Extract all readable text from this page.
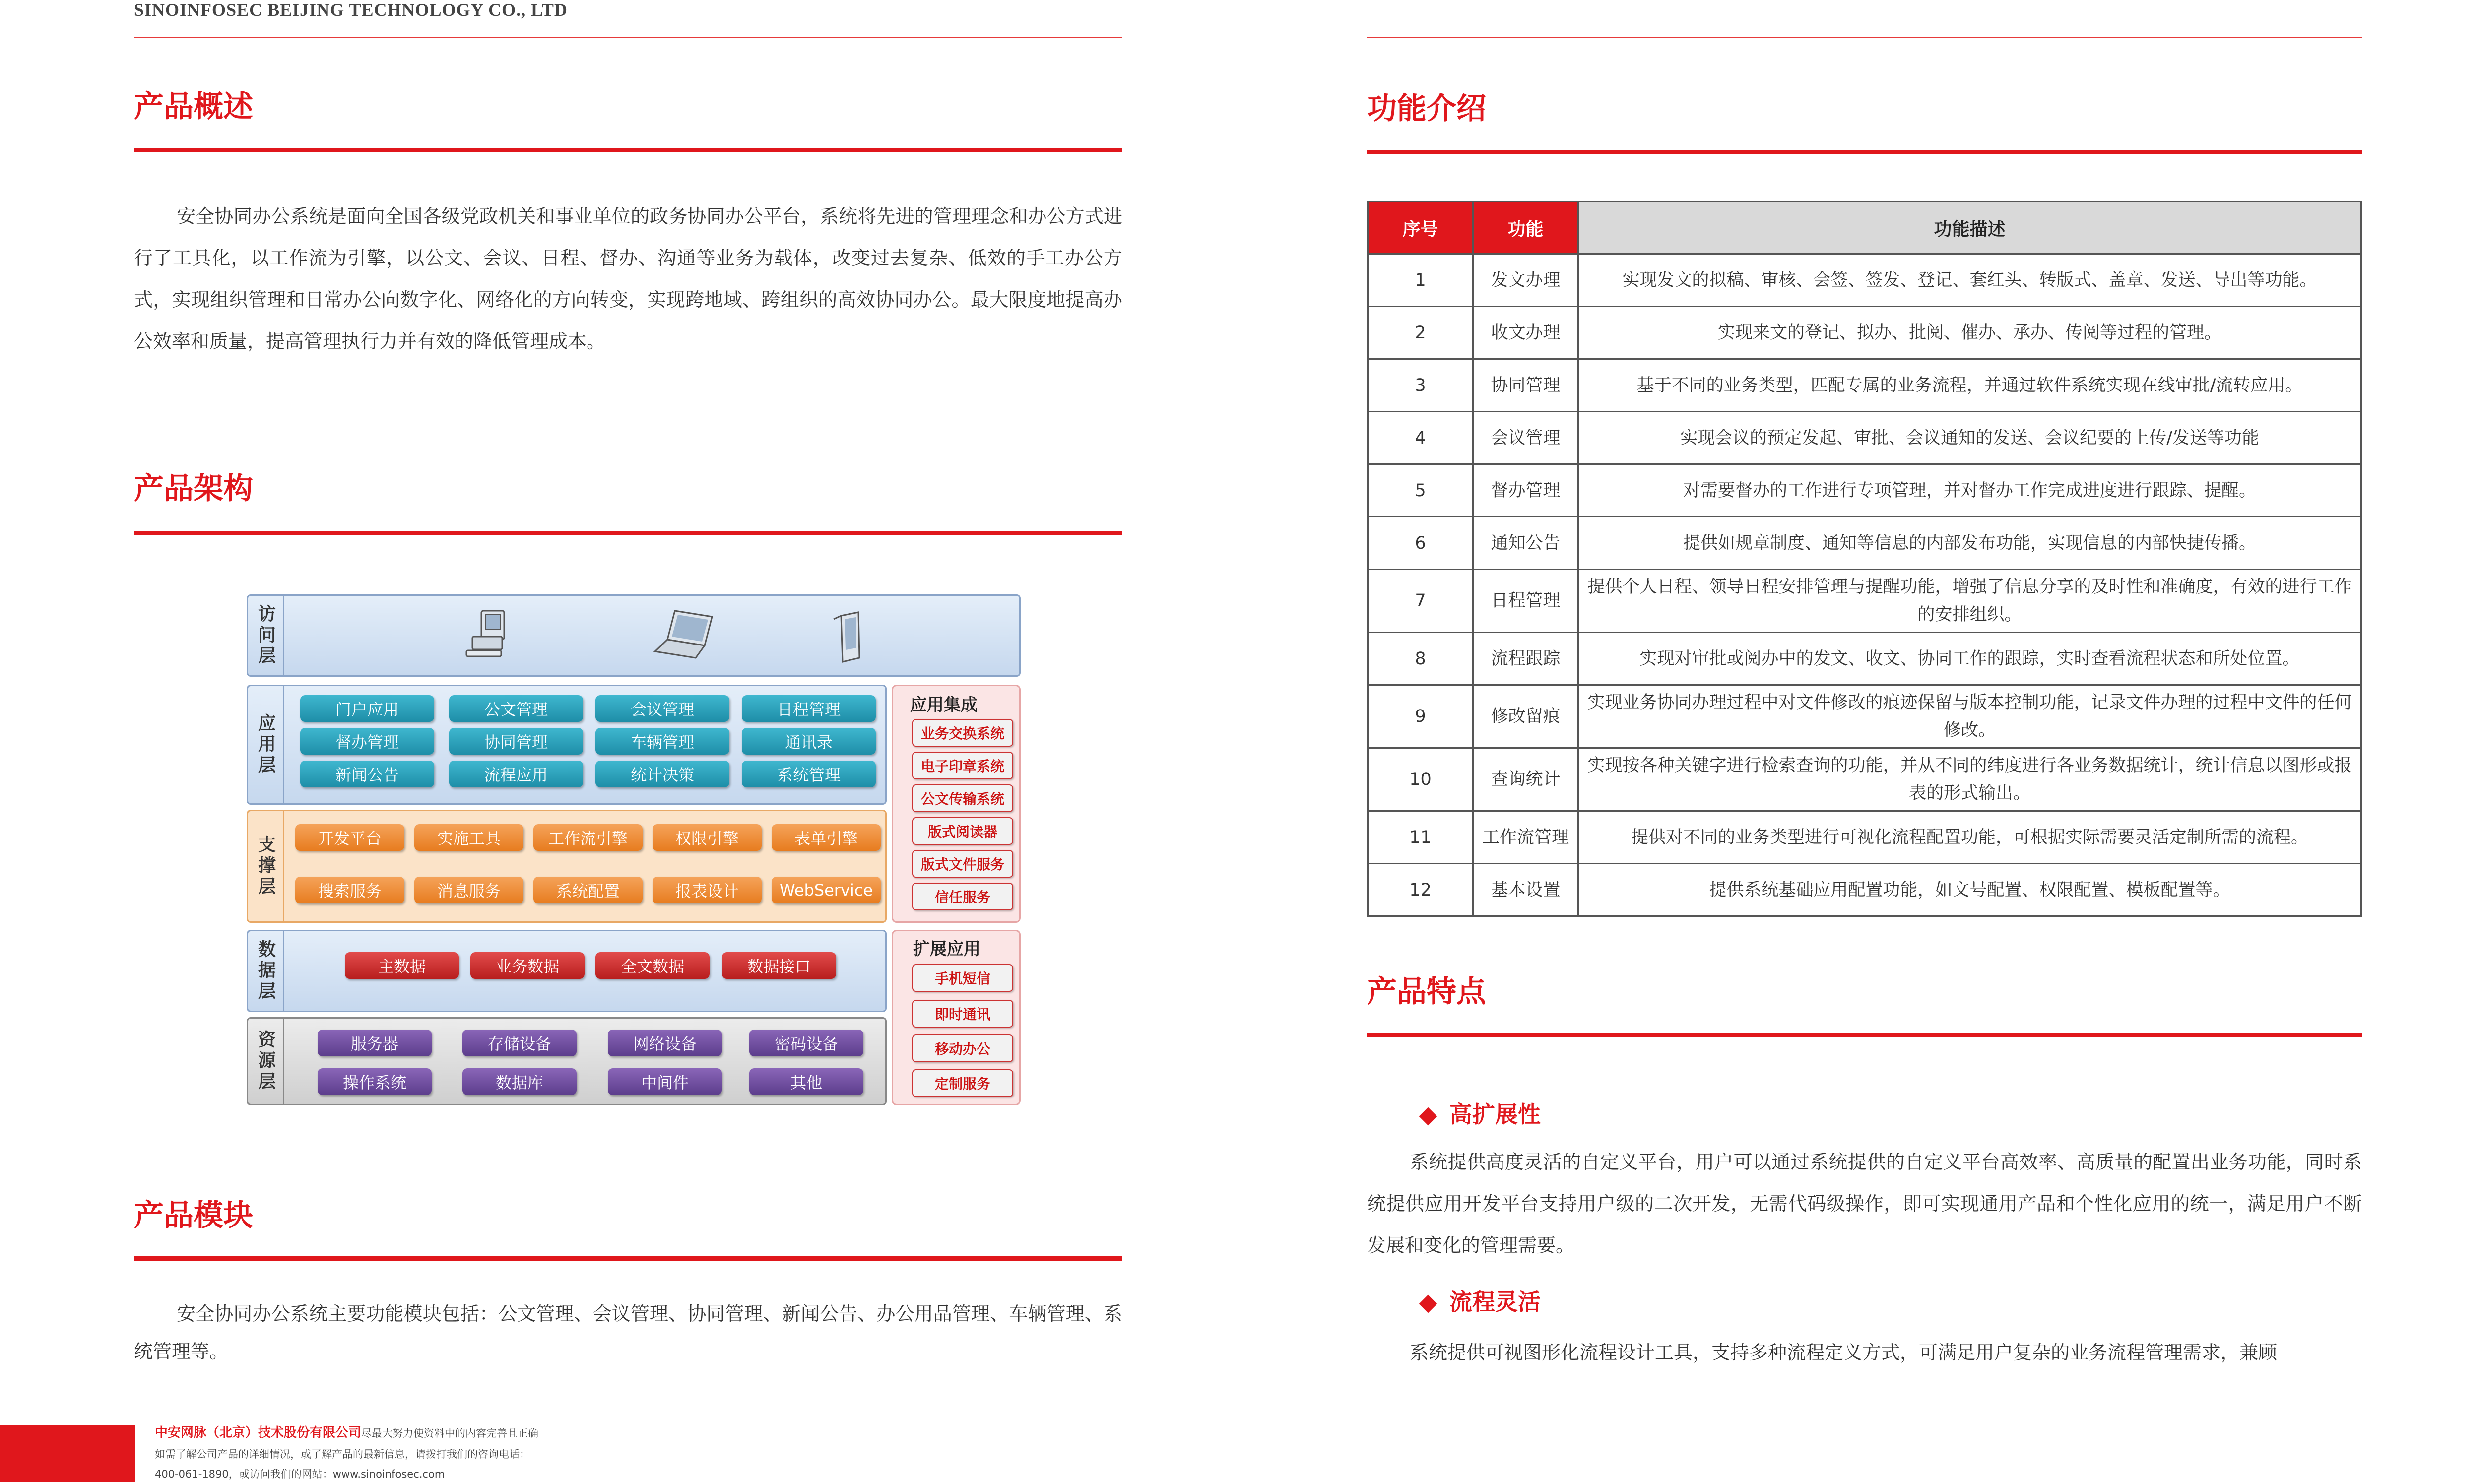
SINOINFOSEC BEIJING TECHNOLOGY CO., LTD
产品概述
安全协同办公系统是面向全国各级党政机关和事业单位的政务协同办公平台，系统将先进的管理理念和办公方式进行了工具化，以工作流为引擎，以公文、会议、日程、督办、沟通等业务为载体，改变过去复杂、低效的手工办公方式，实现组织管理和日常办公向数字化、网络化的方向转变，实现跨地域、跨组织的高效协同办公。最大限度地提高办公效率和质量，提高管理执行力并有效的降低管理成本。
产品架构
访问层
应用层
门户应用	公文管理	会议管理	日程管理
督办管理	协同管理	车辆管理	通讯录
新闻公告	流程应用	统计决策	系统管理
支撑层	开发平台	实施工具	工作流引擎	权限引擎	表单引擎
搜索服务	消息服务	系统配置	报表设计	WebService
数据层	主数据	业务数据	全文数据	数据接口
资源层	服务器	存储设备	网络设备	密码设备
操作系统	数据库	中间件	其他
应用集成
业务交换系统
电子印章系统
公文传输系统
版式阅读器
版式文件服务
信任服务
扩展应用
手机短信
即时通讯
移动办公
定制服务
产品模块
安全协同办公系统主要功能模块包括：公文管理、会议管理、协同管理、新闻公告、办公用品管理、车辆管理、系统管理等。
中安网脉（北京）技术股份有限公司尽最大努力使资料中的内容完善且正确
如需了解公司产品的详细情况，或了解产品的最新信息，请拨打我们的咨询电话：
400-061-1890，或访问我们的网站：www.sinoinfosec.com
功能介绍
序号	功能	功能描述
1	发文办理	实现发文的拟稿、审核、会签、签发、登记、套红头、转版式、盖章、发送、导出等功能。
2	收文办理	实现来文的登记、拟办、批阅、催办、承办、传阅等过程的管理。
3	协同管理	基于不同的业务类型，匹配专属的业务流程，并通过软件系统实现在线审批/流转应用。
4	会议管理	实现会议的预定发起、审批、会议通知的发送、会议纪要的上传/发送等功能
5	督办管理	对需要督办的工作进行专项管理，并对督办工作完成进度进行跟踪、提醒。
6	通知公告	提供如规章制度、通知等信息的内部发布功能，实现信息的内部快捷传播。
7	日程管理	提供个人日程、领导日程安排管理与提醒功能，增强了信息分享的及时性和准确度，有效的进行工作的安排组织。
8	流程跟踪	实现对审批或阅办中的发文、收文、协同工作的跟踪，实时查看流程状态和所处位置。
9	修改留痕	实现业务协同办理过程中对文件修改的痕迹保留与版本控制功能，记录文件办理的过程中文件的任何修改。
10	查询统计	实现按各种关键字进行检索查询的功能，并从不同的纬度进行各业务数据统计，统计信息以图形或报表的形式输出。
11	工作流管理	提供对不同的业务类型进行可视化流程配置功能，可根据实际需要灵活定制所需的流程。
12	基本设置	提供系统基础应用配置功能，如文号配置、权限配置、模板配置等。
产品特点
高扩展性
系统提供高度灵活的自定义平台，用户可以通过系统提供的自定义平台高效率、高质量的配置出业务功能，同时系统提供应用开发平台支持用户级的二次开发，无需代码级操作，即可实现通用产品和个性化应用的统一，满足用户不断发展和变化的管理需要。
流程灵活
系统提供可视图形化流程设计工具，支持多种流程定义方式，可满足用户复杂的业务流程管理需求，兼顾
